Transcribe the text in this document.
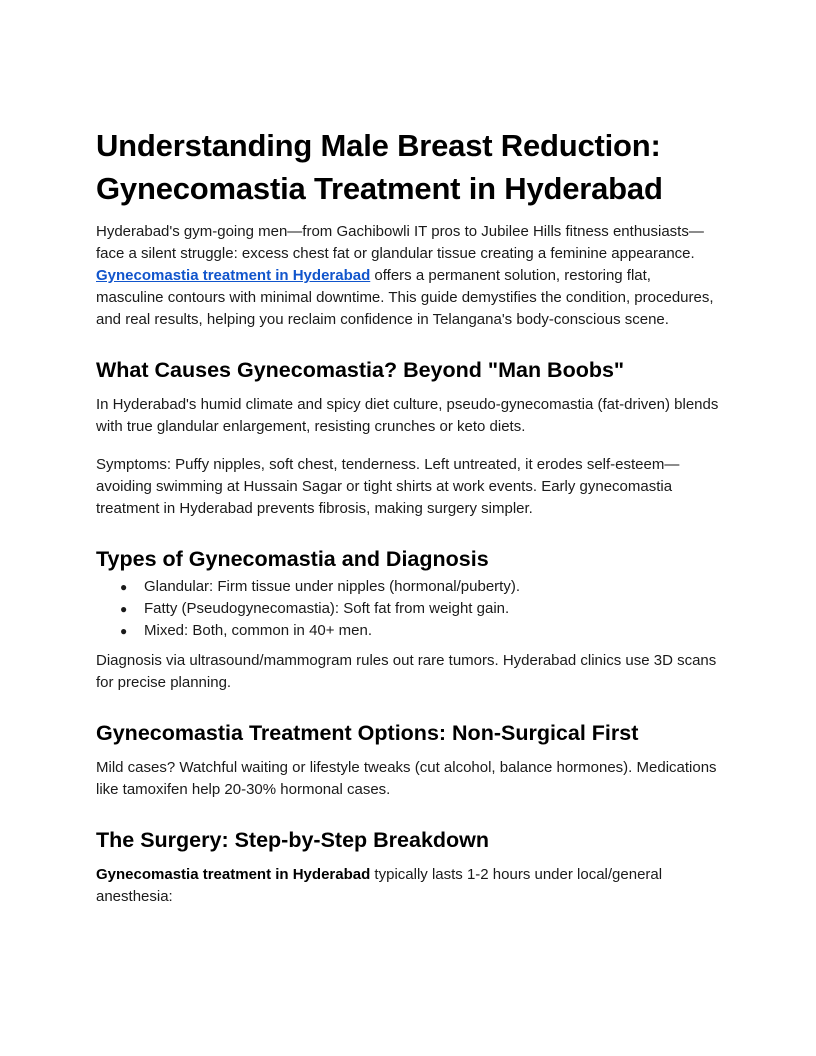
Understanding Male Breast Reduction:
Gynecomastia Treatment in Hyderabad

Hyderabad's gym-going men—from Gachibowli IT pros to Jubilee Hills fitness enthusiasts—face a silent struggle: excess chest fat or glandular tissue creating a feminine appearance. Gynecomastia treatment in Hyderabad offers a permanent solution, restoring flat, masculine contours with minimal downtime. This guide demystifies the condition, procedures, and real results, helping you reclaim confidence in Telangana's body-conscious scene.

What Causes Gynecomastia? Beyond "Man Boobs"

In Hyderabad's humid climate and spicy diet culture, pseudo-gynecomastia (fat-driven) blends with true glandular enlargement, resisting crunches or keto diets.

Symptoms: Puffy nipples, soft chest, tenderness. Left untreated, it erodes self-esteem—avoiding swimming at Hussain Sagar or tight shirts at work events. Early gynecomastia treatment in Hyderabad prevents fibrosis, making surgery simpler.

Types of Gynecomastia and Diagnosis
● Glandular: Firm tissue under nipples (hormonal/puberty).
● Fatty (Pseudogynecomastia): Soft fat from weight gain.
● Mixed: Both, common in 40+ men.

Diagnosis via ultrasound/mammogram rules out rare tumors. Hyderabad clinics use 3D scans for precise planning.

Gynecomastia Treatment Options: Non-Surgical First

Mild cases? Watchful waiting or lifestyle tweaks (cut alcohol, balance hormones). Medications like tamoxifen help 20-30% hormonal cases.

The Surgery: Step-by-Step Breakdown

Gynecomastia treatment in Hyderabad typically lasts 1-2 hours under local/general anesthesia:
